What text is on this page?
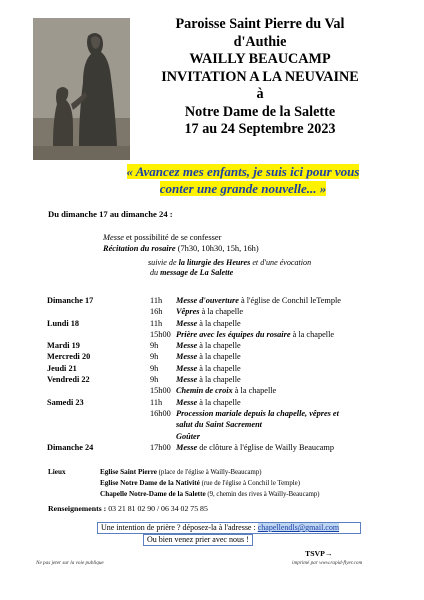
Paroisse Saint Pierre du Val
d'Authie
WAILLY BEAUCAMP
INVITATION A LA NEUVAINE
à
Notre Dame de la Salette
17 au 24 Septembre 2023
« Avancez mes enfants, je suis ici pour vous
conter une grande nouvelle... »
Du dimanche 17 au dimanche 24 :
Messe et possibilité de se confesser
Récitation du rosaire (7h30, 10h30, 15h, 16h)
suivie de la liturgie des Heures et d'une évocation
du message de La Salette
Dimanche 17	11h	Messe d'ouverture à l'église de Conchil leTemple
	16h	Vêpres à la chapelle
Lundi 18	11h	Messe à la chapelle
	15h00	Prière avec les équipes du rosaire à la chapelle
Mardi 19	9h	Messe à la chapelle
Mercredi 20	9h	Messe à la chapelle
Jeudi 21	9h	Messe à la chapelle
Vendredi 22	9h	Messe à la chapelle
	15h00	Chemin de croix à la chapelle
Samedi 23	11h	Messe à la chapelle
	16h00	Procession mariale depuis la chapelle, vêpres et
		salut du Saint Sacrement
		Goûter
Dimanche 24	17h00	Messe de clôture à l'église de Wailly Beaucamp
Lieux	Eglise Saint Pierre (place de l'église à Wailly-Beaucamp)
Eglise Notre Dame de la Nativité (rue de l'église à Conchil le Temple)
Chapelle Notre-Dame de la Salette (9, chemin des rives à Wailly-Beaucamp)
Renseignements : 03 21 81 02 90 / 06 34 02 75 85
Une intention de prière ? déposez-la à l'adresse : chapellendls@gmail.com
Ou bien venez prier avec nous !
TSVP→
Ne pas jeter sur la voie publique	imprimé par www.rapid-flyer.com
